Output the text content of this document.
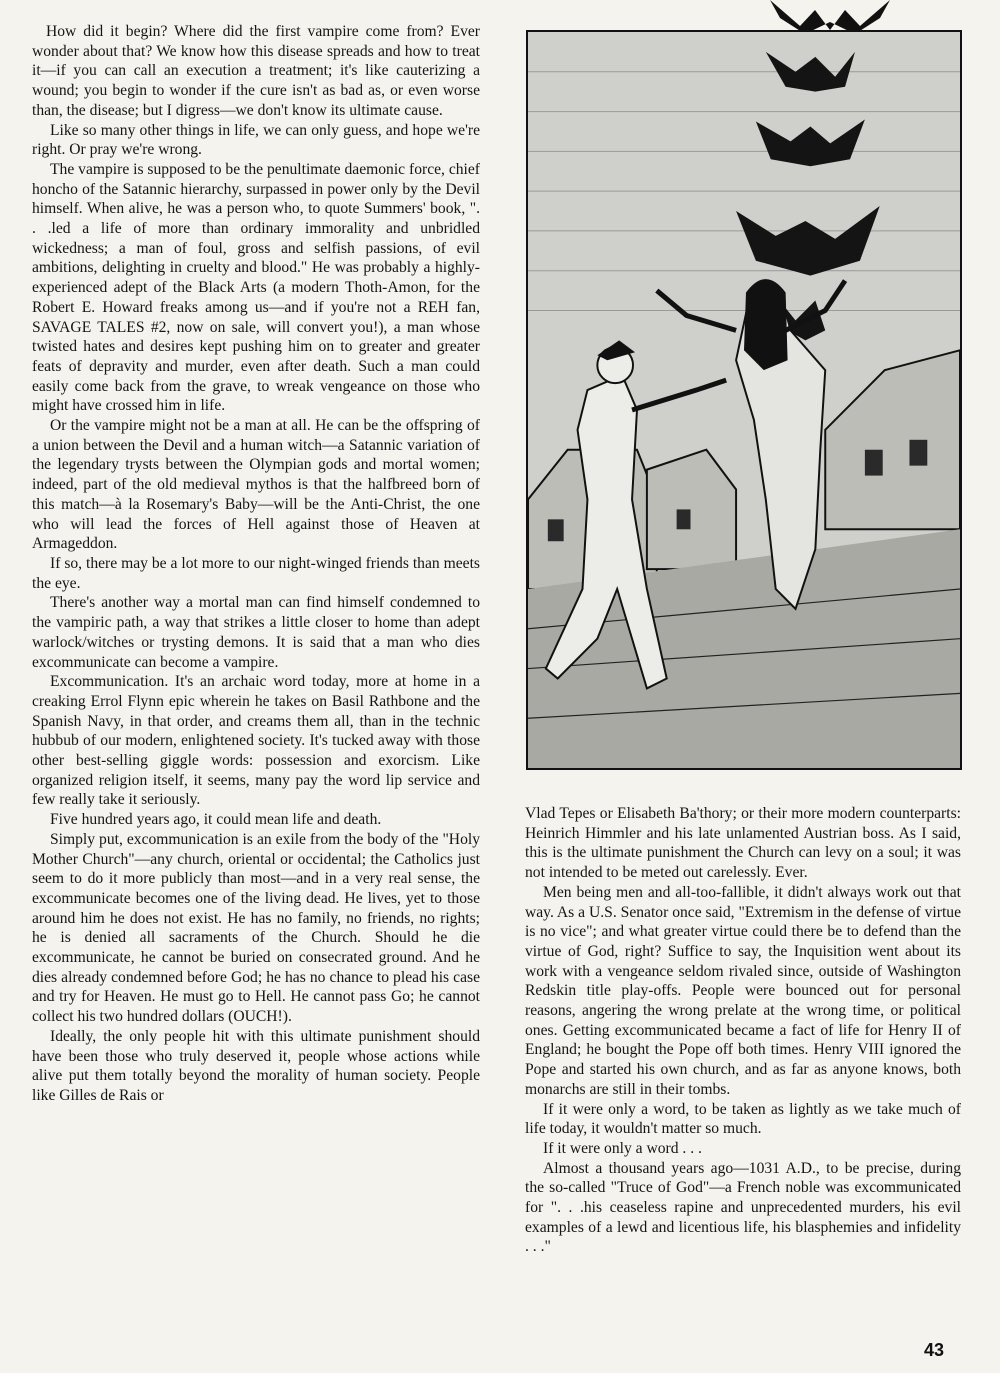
How did it begin? Where did the first vampire come from? Ever wonder about that? We know how this disease spreads and how to treat it—if you can call an execution a treatment; it's like cauterizing a wound; you begin to wonder if the cure isn't as bad as, or even worse than, the disease; but I digress—we don't know its ultimate cause.

Like so many other things in life, we can only guess, and hope we're right. Or pray we're wrong.

The vampire is supposed to be the penultimate daemonic force, chief honcho of the Satannic hierarchy, surpassed in power only by the Devil himself. When alive, he was a person who, to quote Summers' book, ". . .led a life of more than ordinary immorality and unbridled wickedness; a man of foul, gross and selfish passions, of evil ambitions, delighting in cruelty and blood." He was probably a highly-experienced adept of the Black Arts (a modern Thoth-Amon, for the Robert E. Howard freaks among us—and if you're not a REH fan, SAVAGE TALES #2, now on sale, will convert you!), a man whose twisted hates and desires kept pushing him on to greater and greater feats of depravity and murder, even after death. Such a man could easily come back from the grave, to wreak vengeance on those who might have crossed him in life.

Or the vampire might not be a man at all. He can be the offspring of a union between the Devil and a human witch—a Satannic variation of the legendary trysts between the Olympian gods and mortal women; indeed, part of the old medieval mythos is that the halfbreed born of this match—à la Rosemary's Baby—will be the Anti-Christ, the one who will lead the forces of Hell against those of Heaven at Armageddon.

If so, there may be a lot more to our night-winged friends than meets the eye.

There's another way a mortal man can find himself condemned to the vampiric path, a way that strikes a little closer to home than adept warlock/witches or trysting demons. It is said that a man who dies excommunicate can become a vampire.

Excommunication. It's an archaic word today, more at home in a creaking Errol Flynn epic wherein he takes on Basil Rathbone and the Spanish Navy, in that order, and creams them all, than in the technic hubbub of our modern, enlightened society. It's tucked away with those other best-selling giggle words: possession and exorcism. Like organized religion itself, it seems, many pay the word lip service and few really take it seriously.

Five hundred years ago, it could mean life and death.

Simply put, excommunication is an exile from the body of the "Holy Mother Church"—any church, oriental or occidental; the Catholics just seem to do it more publicly than most—and in a very real sense, the excommunicate becomes one of the living dead. He lives, yet to those around him he does not exist. He has no family, no friends, no rights; he is denied all sacraments of the Church. Should he die excommunicate, he cannot be buried on consecrated ground. And he dies already condemned before God; he has no chance to plead his case and try for Heaven. He must go to Hell. He cannot pass Go; he cannot collect his two hundred dollars (OUCH!).

Ideally, the only people hit with this ultimate punishment should have been those who truly deserved it, people whose actions while alive put them totally beyond the morality of human society. People like Gilles de Rais or

Vlad Tepes or Elisabeth Ba'thory; or their more modern counterparts: Heinrich Himmler and his late unlamented Austrian boss. As I said, this is the ultimate punishment the Church can levy on a soul; it was not intended to be meted out carelessly. Ever.

Men being men and all-too-fallible, it didn't always work out that way. As a U.S. Senator once said, "Extremism in the defense of virtue is no vice"; and what greater virtue could there be to defend than the virtue of God, right? Suffice to say, the Inquisition went about its work with a vengeance seldom rivaled since, outside of Washington Redskin title play-offs. People were bounced out for personal reasons, angering the wrong prelate at the wrong time, or political ones. Getting excommunicated became a fact of life for Henry II of England; he bought the Pope off both times. Henry VIII ignored the Pope and started his own church, and as far as anyone knows, both monarchs are still in their tombs.

If it were only a word, to be taken as lightly as we take much of life today, it wouldn't matter so much.

If it were only a word . . .

Almost a thousand years ago—1031 A.D., to be precise, during the so-called "Truce of God"—a French noble was excommunicated for ". . .his ceaseless rapine and unprecedented murders, his evil examples of a lewd and licentious life, his blasphemies and infidelity . . ."

43
